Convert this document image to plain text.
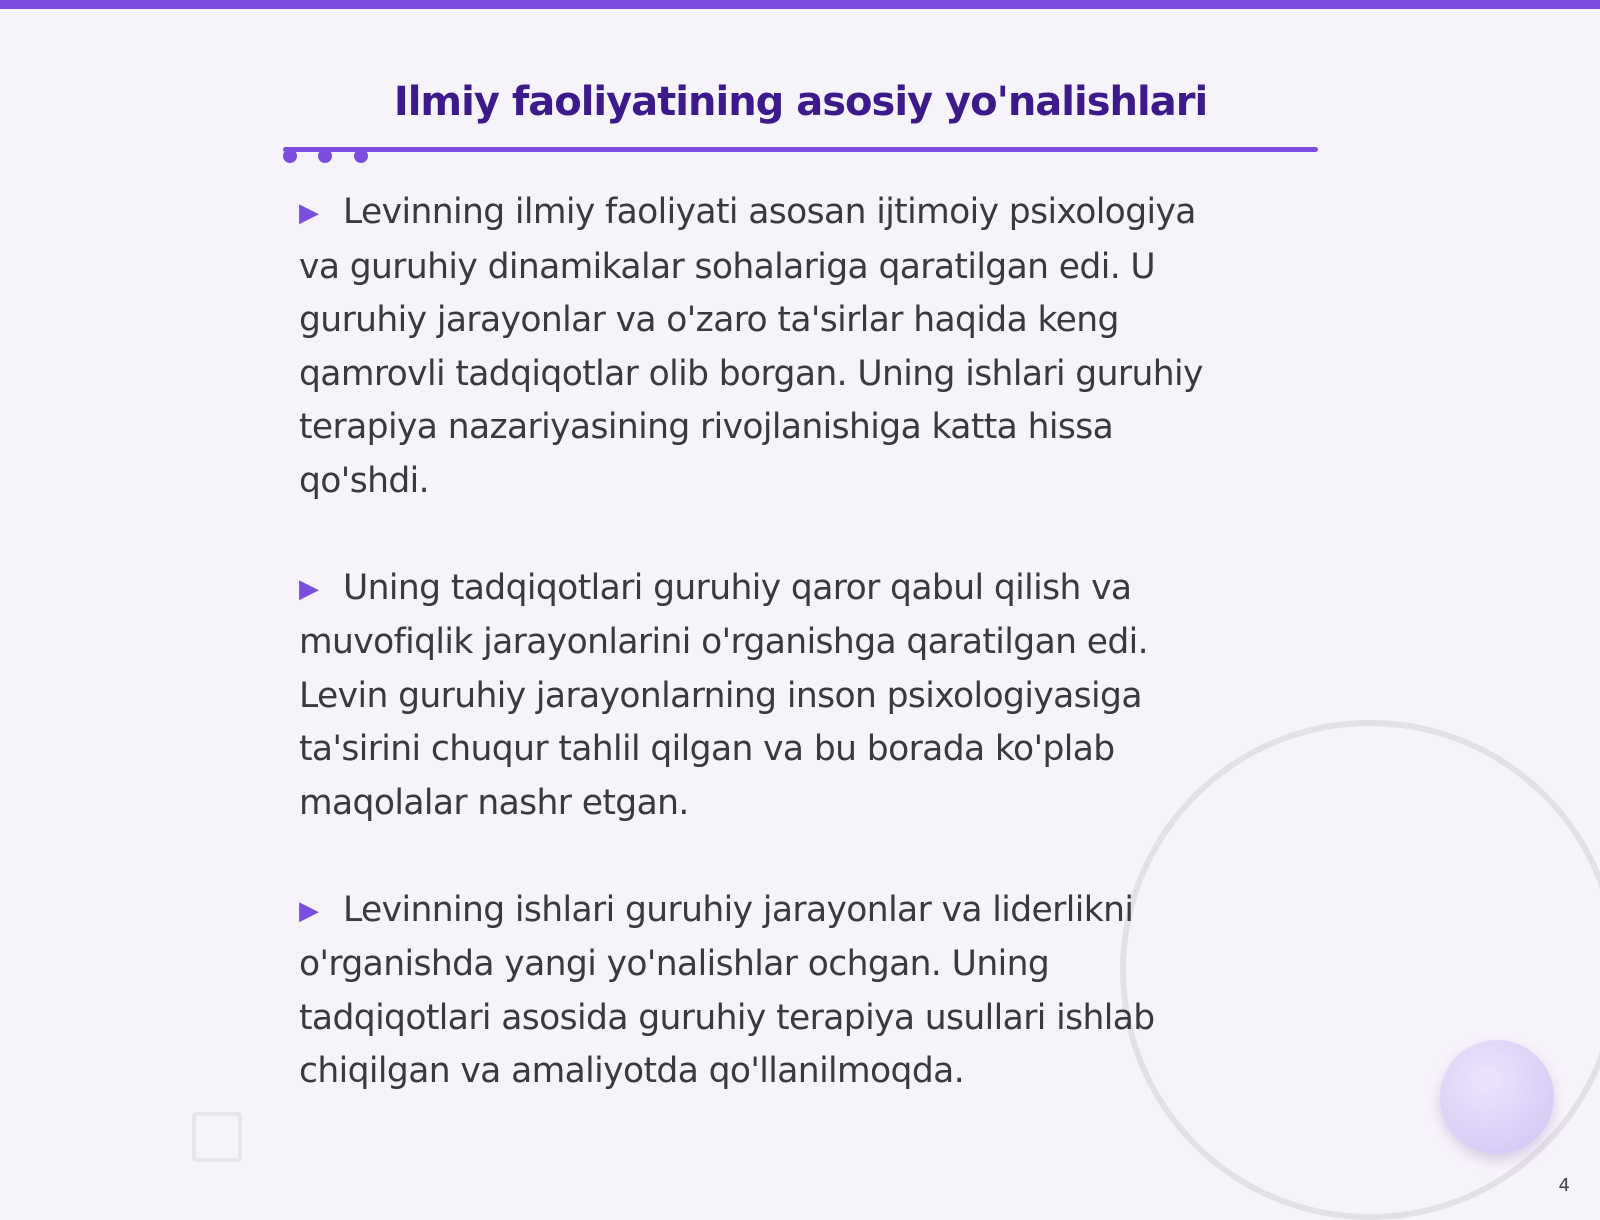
Ilmiy faoliyatining asosiy yo'nalishlari

▶ Levinning ilmiy faoliyati asosan ijtimoiy psixologiya
va guruhiy dinamikalar sohalariga qaratilgan edi. U
guruhiy jarayonlar va o'zaro ta'sirlar haqida keng
qamrovli tadqiqotlar olib borgan. Uning ishlari guruhiy
terapiya nazariyasining rivojlanishiga katta hissa
qo'shdi.

▶ Uning tadqiqotlari guruhiy qaror qabul qilish va
muvofiqlik jarayonlarini o'rganishga qaratilgan edi.
Levin guruhiy jarayonlarning inson psixologiyasiga
ta'sirini chuqur tahlil qilgan va bu borada ko'plab
maqolalar nashr etgan.

▶ Levinning ishlari guruhiy jarayonlar va liderlikni
o'rganishda yangi yo'nalishlar ochgan. Uning
tadqiqotlari asosida guruhiy terapiya usullari ishlab
chiqilgan va amaliyotda qo'llanilmoqda.

4
